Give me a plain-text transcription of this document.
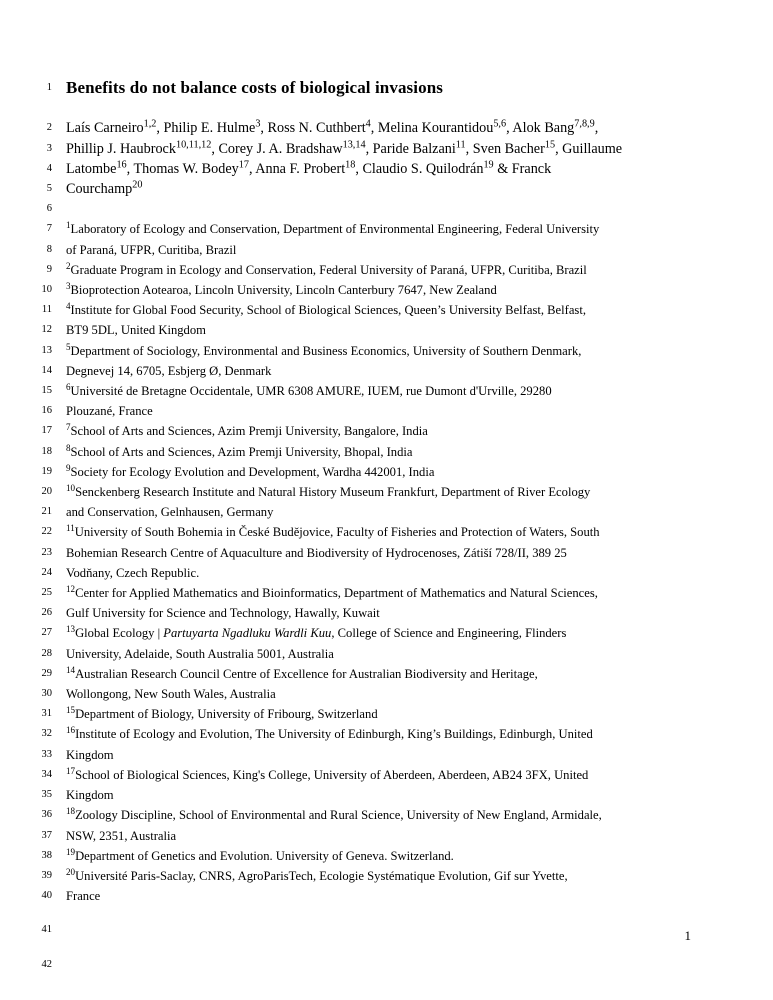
1 Benefits do not balance costs of biological invasions
2 Laís Carneiro$^{1,2}$, Philip E. Hulme$^3$, Ross N. Cuthbert$^4$, Melina Kourantidou$^{5,6}$, Alok Bang$^{7,8,9}$,
3 Phillip J. Haubrock$^{10,11,12}$, Corey J. A. Bradshaw$^{13,14}$, Paride Balzani$^{11}$, Sven Bacher$^{15}$, Guillaume
4 Latombe$^{16}$, Thomas W. Bodey$^{17}$, Anna F. Probert$^{18}$, Claudio S. Quilodrán$^{19}$ & Franck
5 Courchamp$^{20}$
6
7	$^1$Laboratory of Ecology and Conservation, Department of Environmental Engineering, Federal University
8	of Paraná, UFPR, Curitiba, Brazil
9	$^2$Graduate Program in Ecology and Conservation, Federal University of Paraná, UFPR, Curitiba, Brazil
10	$^3$Bioprotection Aotearoa, Lincoln University, Lincoln Canterbury 7647, New Zealand
11	$^4$Institute for Global Food Security, School of Biological Sciences, Queen’s University Belfast, Belfast,
12	BT9 5DL, United Kingdom
13	$^5$Department of Sociology, Environmental and Business Economics, University of Southern Denmark,
14	Degnevej 14, 6705, Esbjerg Ø, Denmark
15	$^6$Université de Bretagne Occidentale, UMR 6308 AMURE, IUEM, rue Dumont d'Urville, 29280
16	Plouzané, France
17	$^7$School of Arts and Sciences, Azim Premji University, Bangalore, India
18	$^8$School of Arts and Sciences, Azim Premji University, Bhopal, India
19	$^9$Society for Ecology Evolution and Development, Wardha 442001, India
20	$^{10}$Senckenberg Research Institute and Natural History Museum Frankfurt, Department of River Ecology
21	and Conservation, Gelnhausen, Germany
22	$^{11}$University of South Bohemia in České Budějovice, Faculty of Fisheries and Protection of Waters, South
23	Bohemian Research Centre of Aquaculture and Biodiversity of Hydrocenoses, Zátiší 728/II, 389 25
24	Vodňany, Czech Republic.
25	$^{12}$Center for Applied Mathematics and Bioinformatics, Department of Mathematics and Natural Sciences,
26	Gulf University for Science and Technology, Hawally, Kuwait
27	$^{13}$Global Ecology | Partuyarta Ngadluku Wardli Kuu, College of Science and Engineering, Flinders
28	University, Adelaide, South Australia 5001, Australia
29	$^{14}$Australian Research Council Centre of Excellence for Australian Biodiversity and Heritage,
30	Wollongong, New South Wales, Australia
31	$^{15}$Department of Biology, University of Fribourg, Switzerland
32	$^{16}$Institute of Ecology and Evolution, The University of Edinburgh, King’s Buildings, Edinburgh, United
33	Kingdom
34	$^{17}$School of Biological Sciences, King's College, University of Aberdeen, Aberdeen, AB24 3FX, United
35	Kingdom
36	$^{18}$Zoology Discipline, School of Environmental and Rural Science, University of New England, Armidale,
37	NSW, 2351, Australia
38	$^{19}$Department of Genetics and Evolution. University of Geneva. Switzerland.
39	$^{20}$Université Paris-Saclay, CNRS, AgroParisTech, Ecologie Systématique Evolution, Gif sur Yvette,
40	France
41
42
1
